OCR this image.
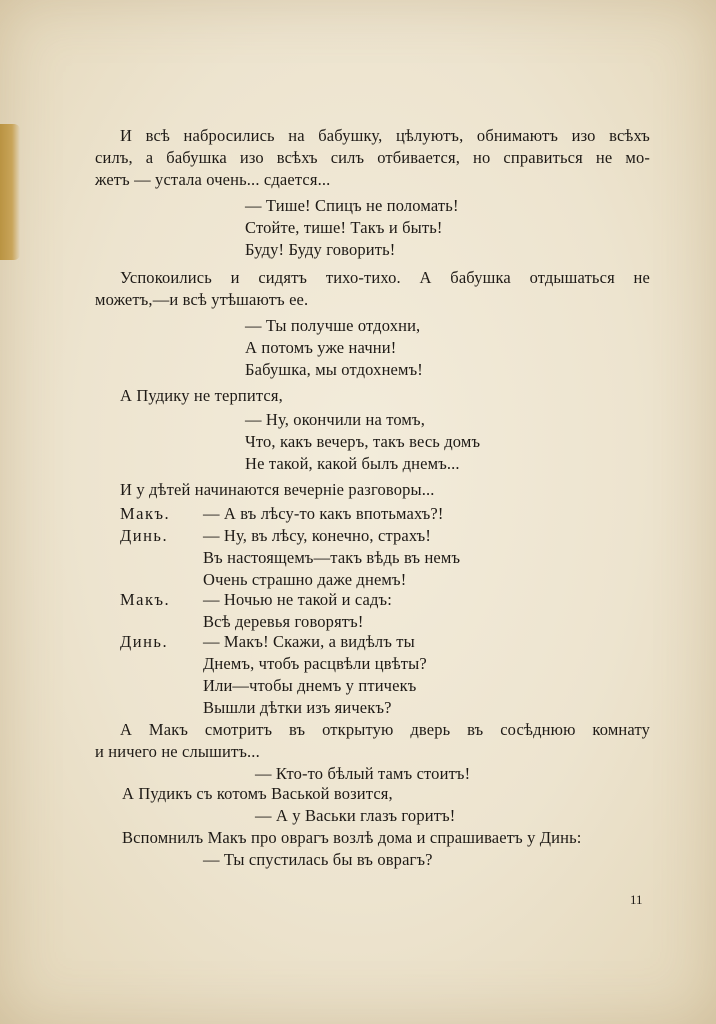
И всѣ набросились на бабушку, цѣлуютъ, обнимаютъ изо всѣхъ

силъ, а бабушка изо всѣхъ силъ отбивается, но справиться не мо-

жетъ — устала очень... сдается...

— Тише! Спицъ не поломать!

Стойте, тише! Такъ и быть!

Буду! Буду говорить!

Успокоились и сидятъ тихо-тихо. А бабушка отдышаться не

можетъ,—и всѣ утѣшаютъ ее.

— Ты получше отдохни,

А потомъ уже начни!

Бабушка, мы отдохнемъ!

А Пудику не терпится,

— Ну, окончили на томъ,

Что, какъ вечеръ, такъ весь домъ

Не такой, какой былъ днемъ...

И у дѣтей начинаются вечерніе разговоры...

Макъ. — А въ лѣсу-то какъ впотьмахъ?!

Динь. — Ну, въ лѣсу, конечно, страхъ!

Въ настоящемъ—такъ вѣдь въ немъ

Очень страшно даже днемъ!

Макъ. — Ночью не такой и садъ:

Всѣ деревья говорятъ!

Динь. — Макъ! Скажи, а видѣлъ ты

Днемъ, чтобъ расцвѣли цвѣты?

Или—чтобы днемъ у птичекъ

Вышли дѣтки изъ яичекъ?

А Макъ смотритъ въ открытую дверь въ сосѣднюю комнату

и ничего не слышитъ...

— Кто-то бѣлый тамъ стоитъ!

А Пудикъ съ котомъ Васькой возится,

— А у Васьки глазъ горитъ!

Вспомнилъ Макъ про оврагъ возлѣ дома и спрашиваетъ у Динь:

— Ты спустилась бы въ оврагъ?

11
